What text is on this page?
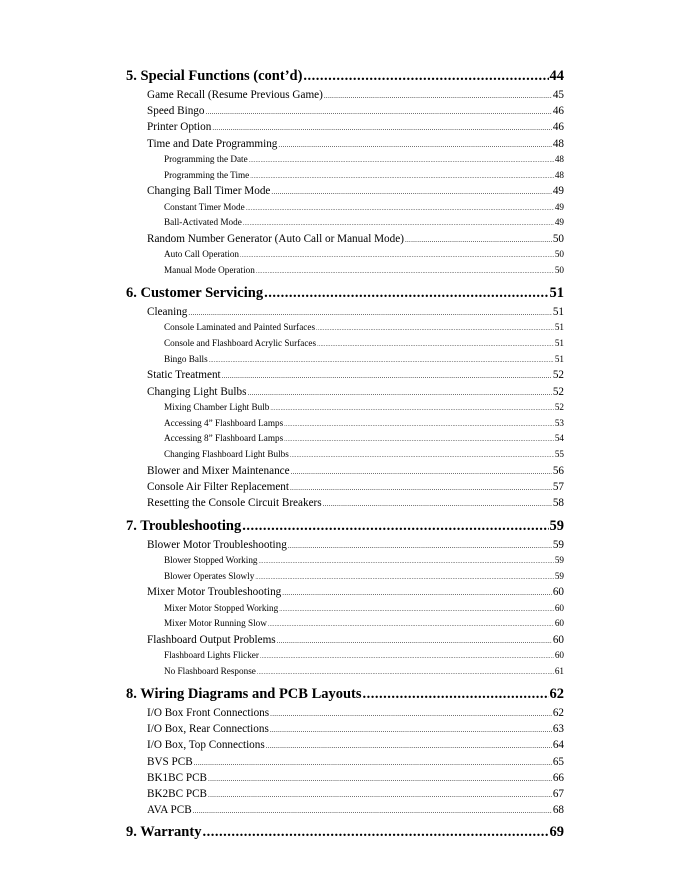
5. Special Functions (cont’d) .....	44
Game Recall (Resume Previous Game) .....	45
Speed Bingo .....	46
Printer Option .....	46
Time and Date Programming .....	48
Programming the Date .....	48
Programming the Time .....	48
Changing Ball Timer Mode .....	49
Constant Timer Mode .....	49
Ball-Activated Mode .....	49
Random Number Generator (Auto Call or Manual Mode) .....	50
Auto Call Operation .....	50
Manual Mode Operation .....	50
6. Customer Servicing .....	51
Cleaning .....	51
Console Laminated and Painted Surfaces .....	51
Console and Flashboard Acrylic Surfaces .....	51
Bingo Balls .....	51
Static Treatment .....	52
Changing Light Bulbs .....	52
Mixing Chamber Light Bulb .....	52
Accessing 4” Flashboard Lamps .....	53
Accessing 8” Flashboard Lamps .....	54
Changing Flashboard Light Bulbs .....	55
Blower and Mixer Maintenance .....	56
Console Air Filter Replacement .....	57
Resetting the Console Circuit Breakers .....	58
7. Troubleshooting .....	59
Blower Motor Troubleshooting .....	59
Blower Stopped Working .....	59
Blower Operates Slowly .....	59
Mixer Motor Troubleshooting .....	60
Mixer Motor Stopped Working .....	60
Mixer Motor Running Slow .....	60
Flashboard Output Problems .....	60
Flashboard Lights Flicker .....	60
No Flashboard Response .....	61
8. Wiring Diagrams and PCB Layouts .....	62
I/O Box Front Connections .....	62
I/O Box, Rear Connections .....	63
I/O Box, Top Connections .....	64
BVS PCB .....	65
BK1BC PCB .....	66
BK2BC PCB .....	67
AVA PCB .....	68
9. Warranty .....	69
